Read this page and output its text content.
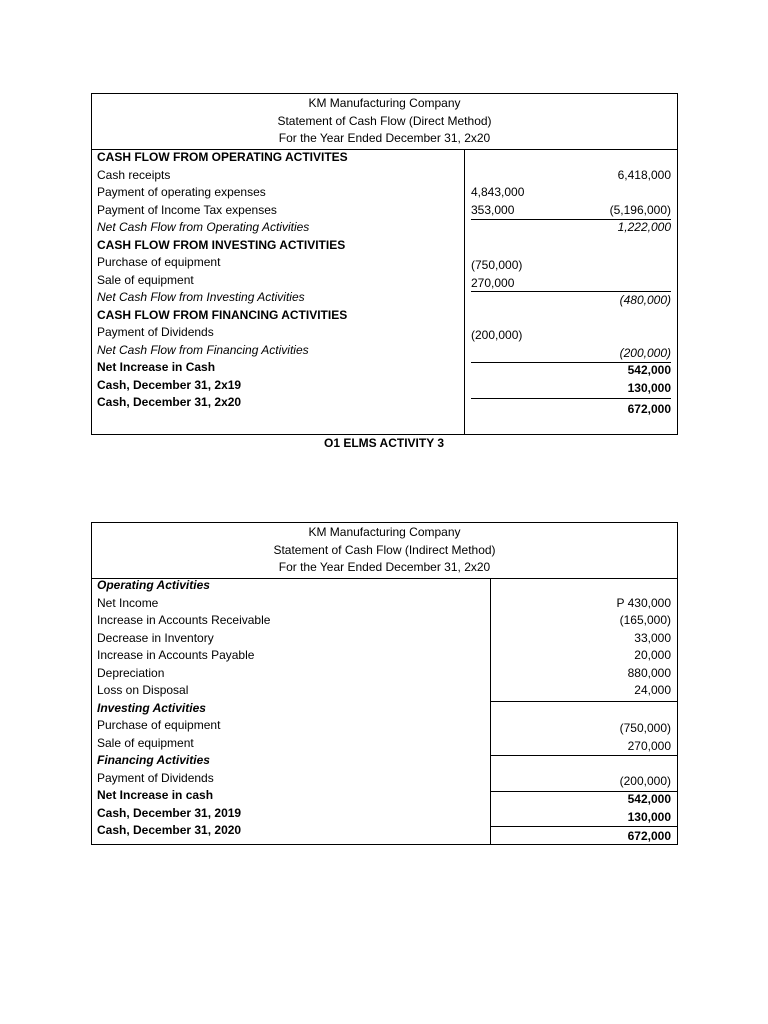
KM Manufacturing Company
Statement of Cash Flow (Direct Method)
For the Year Ended December 31, 2x20
CASH FLOW FROM OPERATING ACTIVITES
Cash receipts	6,418,000
Payment of operating expenses	4,843,000
Payment of Income Tax expenses	353,000	(5,196,000)
Net Cash Flow from Operating Activities	1,222,000
CASH FLOW FROM INVESTING ACTIVITIES
Purchase of equipment	(750,000)
Sale of equipment	270,000
Net Cash Flow from Investing Activities	(480,000)
CASH FLOW FROM FINANCING ACTIVITIES
Payment of Dividends	(200,000)
Net Cash Flow from Financing Activities	(200,000)
Net Increase in Cash	542,000
Cash, December 31, 2x19	130,000
Cash, December 31, 2x20	672,000
O1 ELMS ACTIVITY 3
KM Manufacturing Company
Statement of Cash Flow (Indirect Method)
For the Year Ended December 31, 2x20
Operating Activities
Net Income	P 430,000
Increase in Accounts Receivable	(165,000)
Decrease in Inventory	33,000
Increase in Accounts Payable	20,000
Depreciation	880,000
Loss on Disposal	24,000
Investing Activities
Purchase of equipment	(750,000)
Sale of equipment	270,000
Financing Activities
Payment of Dividends	(200,000)
Net Increase in cash	542,000
Cash, December 31, 2019	130,000
Cash, December 31, 2020	672,000
